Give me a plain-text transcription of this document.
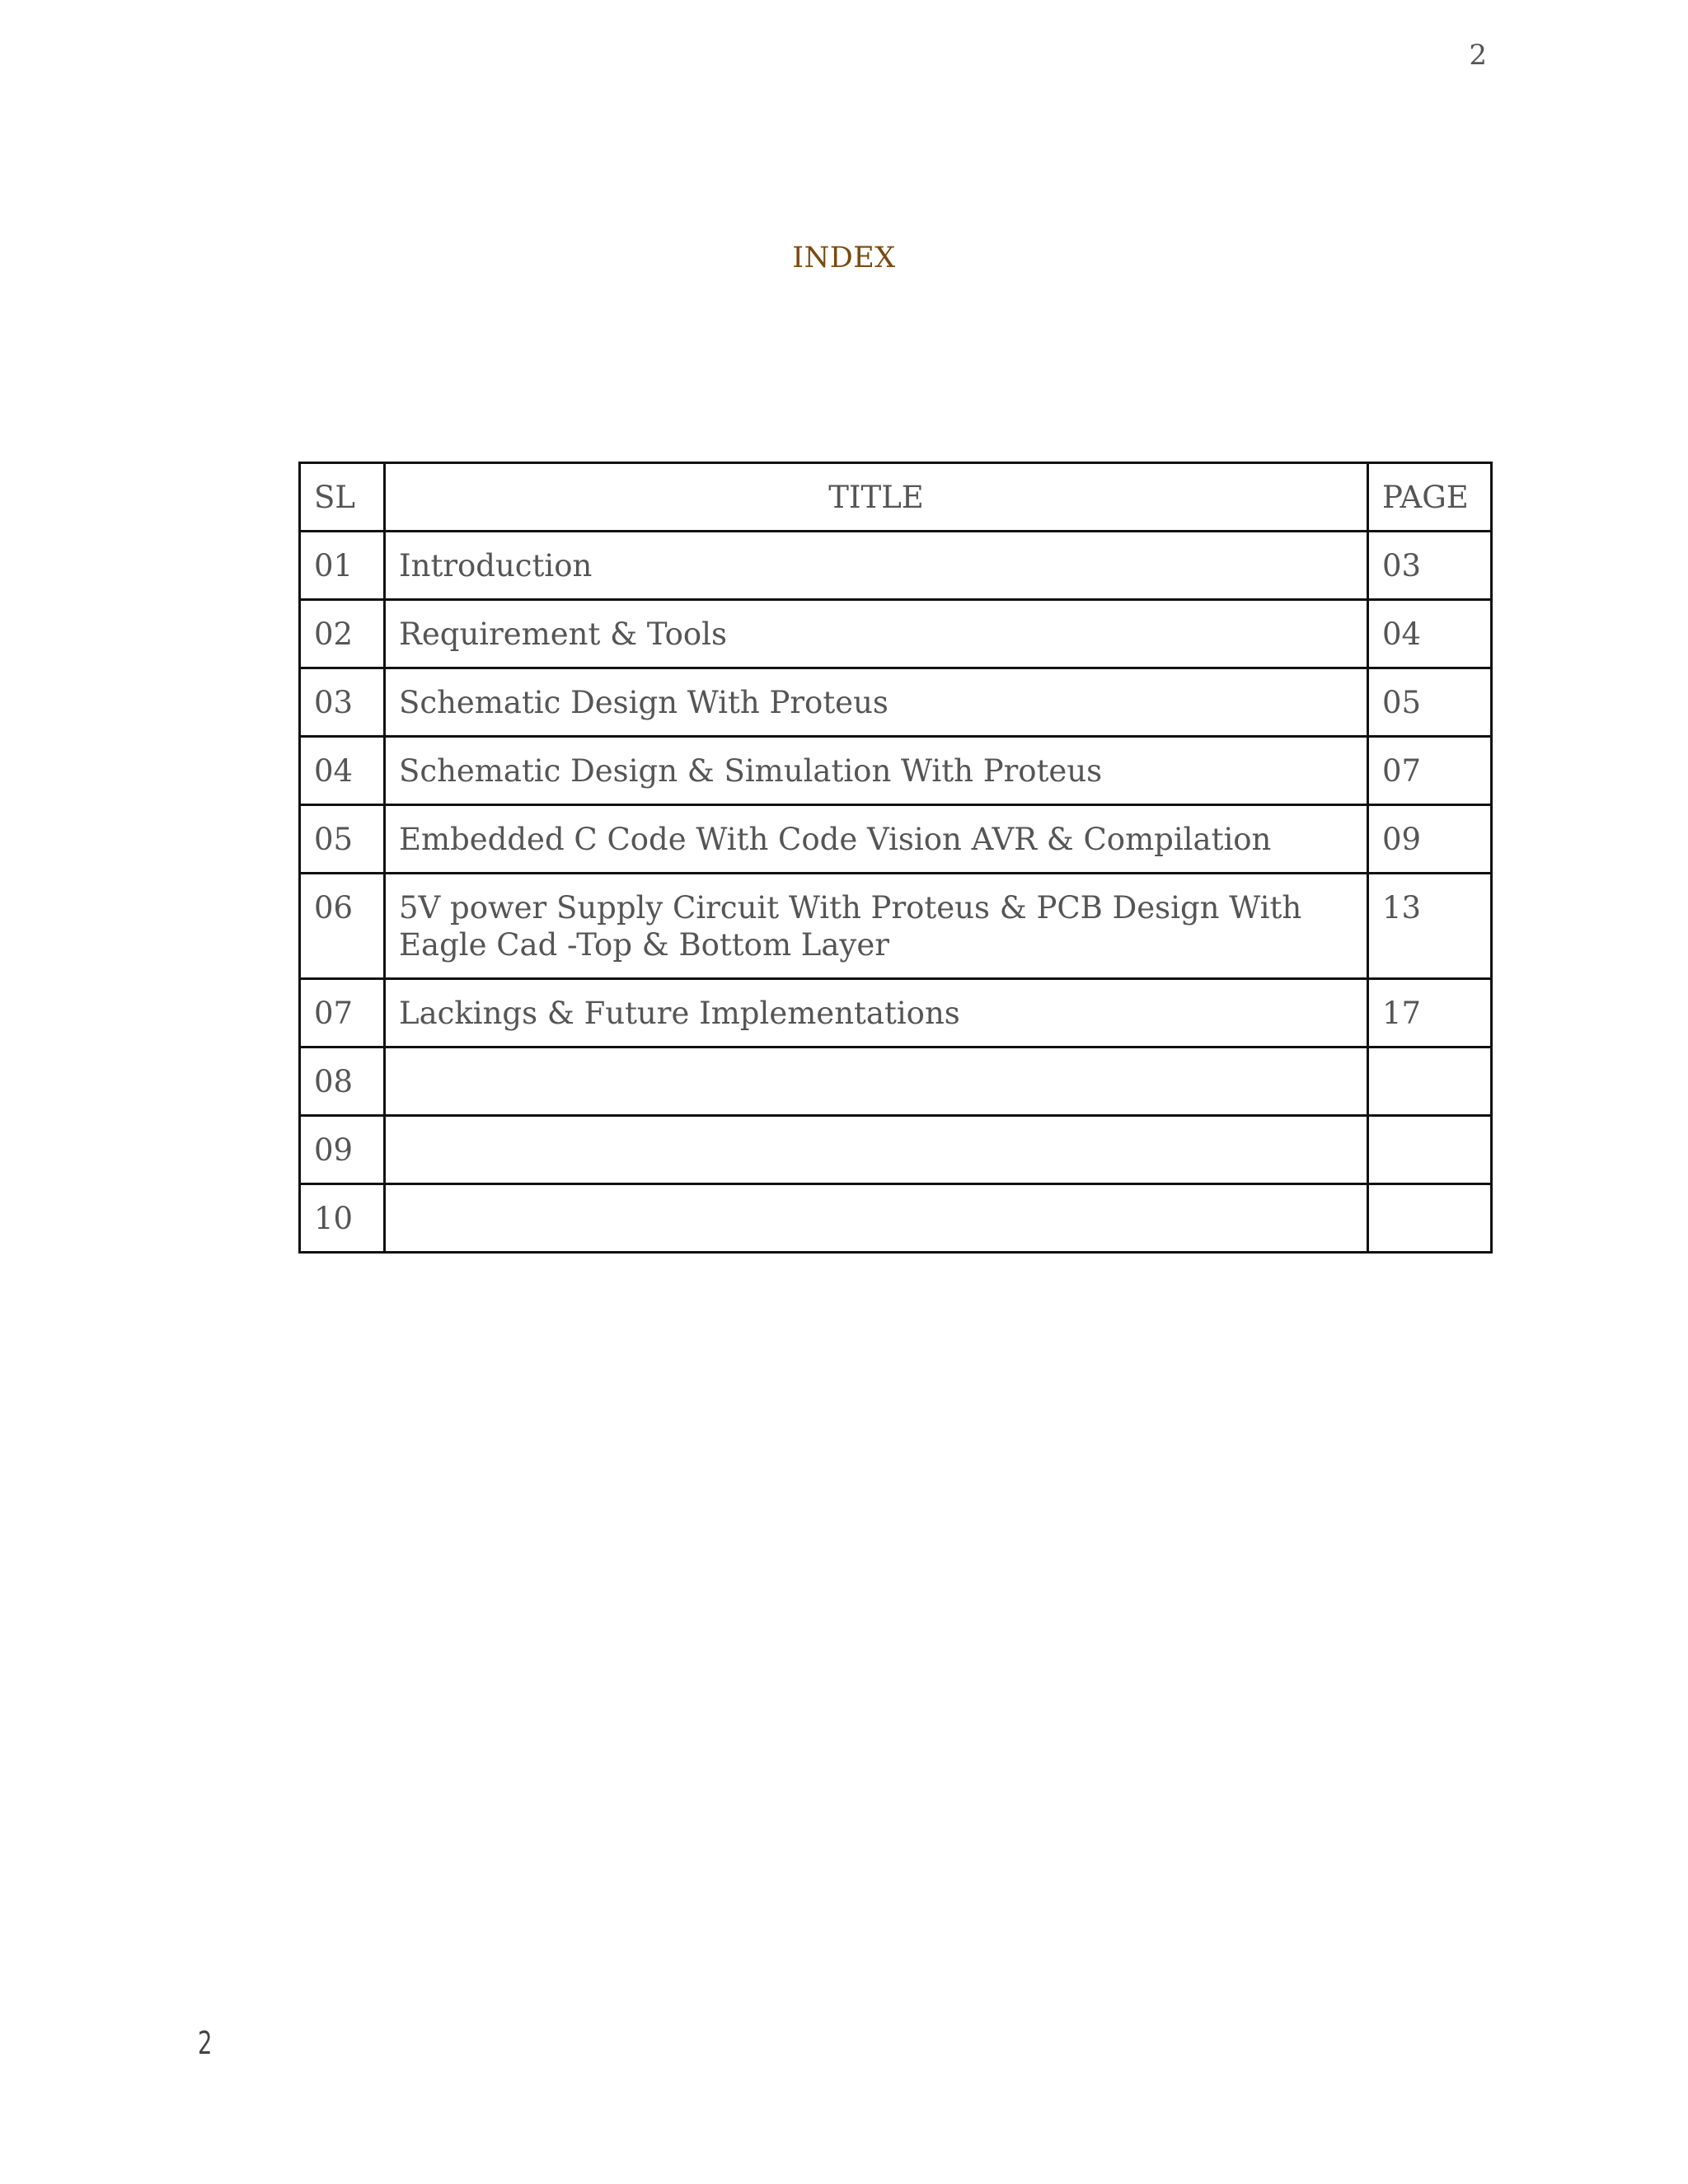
2
INDEX
SL	TITLE	PAGE
01	Introduction	03
02	Requirement & Tools	04
03	Schematic Design With Proteus	05
04	Schematic Design & Simulation With Proteus	07
05	Embedded C Code With Code Vision AVR & Compilation	09
06	5V power Supply Circuit With Proteus & PCB Design With Eagle Cad -Top & Bottom Layer	13
07	Lackings & Future Implementations	17
08		
09		
10		
2
